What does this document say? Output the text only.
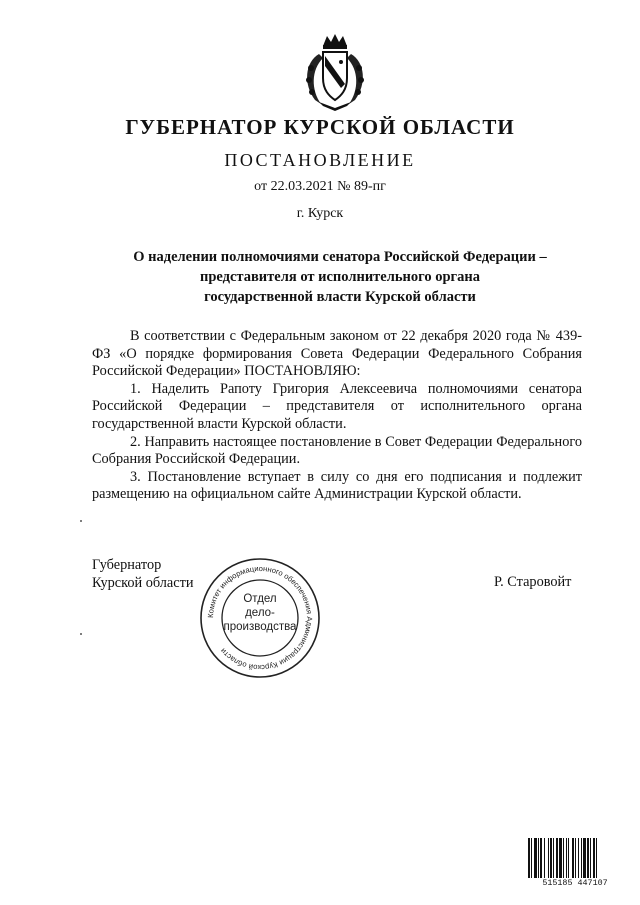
ГУБЕРНАТОР КУРСКОЙ ОБЛАСТИ
ПОСТАНОВЛЕНИЕ
от 22.03.2021 № 89-пг
г. Курск
О наделении полномочиями сенатора Российской Федерации –
представителя от исполнительного органа
государственной власти Курской области

В соответствии с Федеральным законом от 22 декабря 2020 года № 439-ФЗ «О порядке формирования Совета Федерации Федерального Собрания Российской Федерации» ПОСТАНОВЛЯЮ:

1. Наделить Рапоту Григория Алексеевича полномочиями сенатора Российской Федерации – представителя от исполнительного органа государственной власти Курской области.

2. Направить настоящее постановление в Совет Федерации Федерального Собрания Российской Федерации.

3. Постановление вступает в силу со дня его подписания и подлежит размещению на официальном сайте Администрации Курской области.

Губернатор
Курской области	Р. Старовойт
Комитет информационного обеспечения Администрации Курской области
Отдел
дело-
производства
515185 447107
